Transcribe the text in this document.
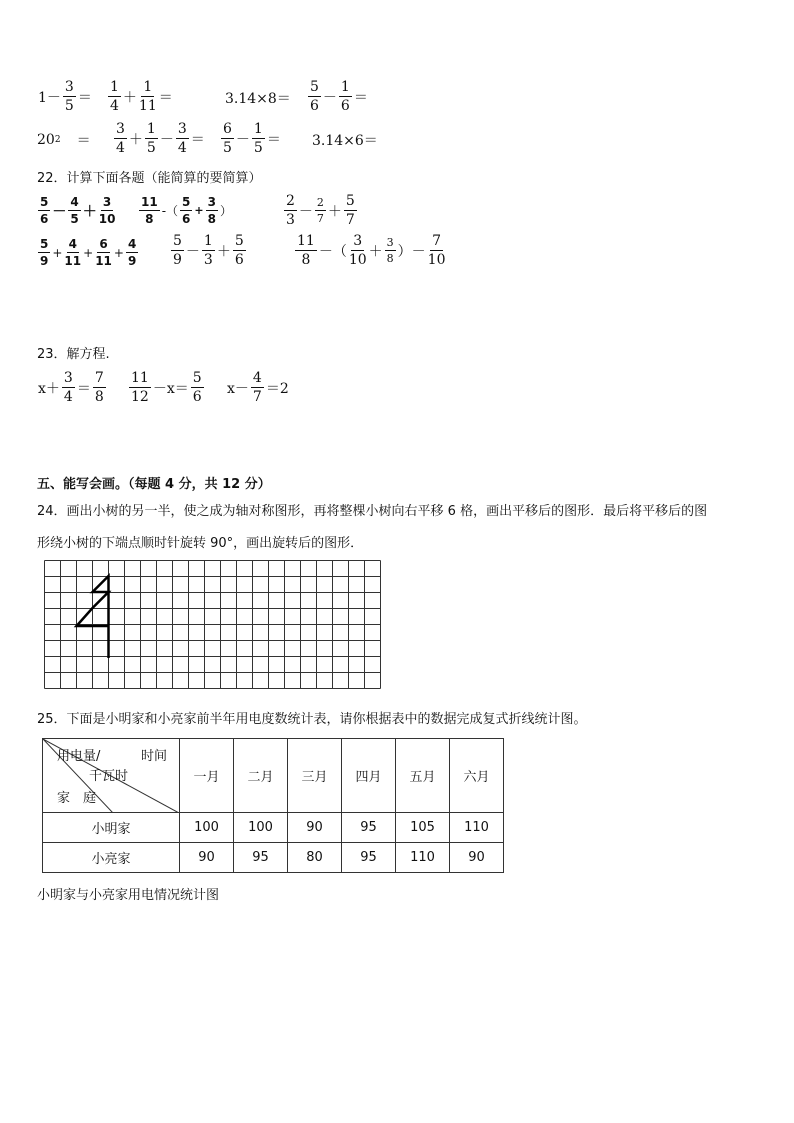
$1- \frac{3}{5} = \frac{1}{4} + \frac{1}{11}$ ＝	$3.14\times 8= \frac{5}{6} - \frac{1}{6}$ ＝
20 $2 = \frac{3}{4} + \frac{1}{5} - \frac{3}{4} = \frac{6}{5} - \frac{1}{5} = 3.14\times 6=$
22．计算下面各题（能简算的要简算）
$\frac{5}{6} - \frac{4}{5} + \frac{3}{10} \frac{11}{8}$ -（ $\frac{5}{6} + \frac{3}{8}$ ）	$\frac{2}{3} - \frac{2}{7} + \frac{5}{7}$
$\frac{5}{9} + \frac{4}{11} + \frac{6}{11} + \frac{4}{9} \frac{5}{9} - \frac{1}{3} + \frac{5}{6}$	$\frac{11}{8}$ －（ $\frac{3}{10} + \frac{3}{8}$ ）－ $\frac{7}{10}$
23．解方程.
$x+ \frac{3}{4} = \frac{7}{8} \frac{11}{12} -x= \frac{5}{6} x- \frac{4}{7} =2$
五、能写会画。（每题 4 分，共 12 分）
24．画出小树的另一半，使之成为轴对称图形，再将整棵小树向右平移 6 格，画出平移后的图形．最后将平移后的图
形绕小树的下端点顺时针旋转 90°，画出旋转后的图形．
25．下面是小明家和小亮家前半年用电度数统计表，请你根据表中的数据完成复式折线统计图。
用电量/ 时间
千瓦时
家　庭	一月	二月	三月	四月	五月	六月
小明家	100	100	90	95	105	110
小亮家	90	95	80	95	110	90
小明家与小亮家用电情况统计图
